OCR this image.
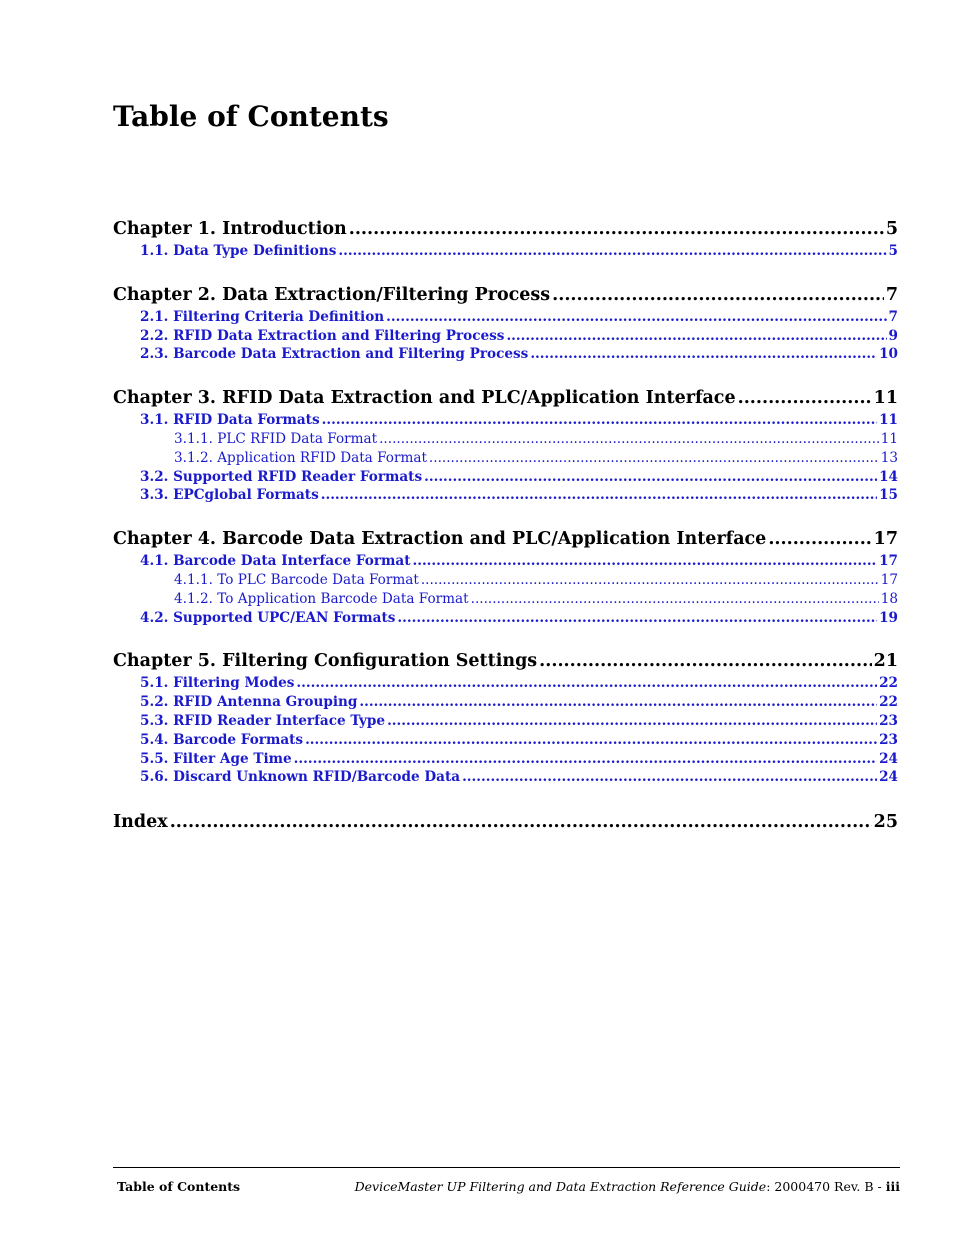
Table of Contents
Chapter 1. Introduction .....	5
1.1. Data Type Definitions .....	5
Chapter 2. Data Extraction/Filtering Process .....	7
2.1. Filtering Criteria Definition .....	7
2.2. RFID Data Extraction and Filtering Process .....	9
2.3. Barcode Data Extraction and Filtering Process .....	10
Chapter 3. RFID Data Extraction and PLC/Application Interface .....	11
3.1. RFID Data Formats .....	11
3.1.1. PLC RFID Data Format .....	11
3.1.2. Application RFID Data Format .....	13
3.2. Supported RFID Reader Formats .....	14
3.3. EPCglobal Formats .....	15
Chapter 4. Barcode Data Extraction and PLC/Application Interface .....	17
4.1. Barcode Data Interface Format .....	17
4.1.1. To PLC Barcode Data Format .....	17
4.1.2. To Application Barcode Data Format .....	18
4.2. Supported UPC/EAN Formats .....	19
Chapter 5. Filtering Configuration Settings .....	21
5.1. Filtering Modes .....	22
5.2. RFID Antenna Grouping .....	22
5.3. RFID Reader Interface Type .....	23
5.4. Barcode Formats .....	23
5.5. Filter Age Time .....	24
5.6. Discard Unknown RFID/Barcode Data .....	24
Index .....	25
Table of Contents	DeviceMaster UP Filtering and Data Extraction Reference Guide: 2000470 Rev. B - iii
